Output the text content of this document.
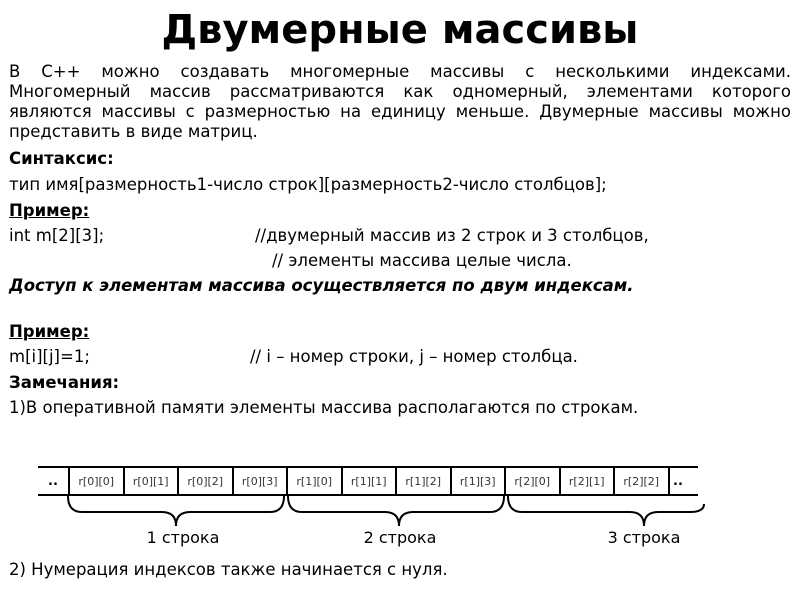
Двумерные массивы
В С++ можно создавать многомерные массивы с несколькими индексами. Многомерный массив рассматриваются как одномерный, элементами которого являются массивы с размерностью на единицу меньше. Двумерные массивы можно представить в виде матриц.
Синтаксис:
тип имя[размерность1-число строк][размерность2-число столбцов];
Пример:
int m[2][3];	//двумерный массив из 2 строк и 3 столбцов,
// элементы массива целые числа.
Доступ к элементам массива осуществляется по двум индексам.
Пример:
m[i][j]=1;	// i – номер строки, j – номер столбца.
Замечания:
1)В оперативной памяти элементы массива располагаются по строкам.
..	r[0][0]	r[0][1]	r[0][2]	r[0][3]	r[1][0]	r[1][1]	r[1][2]	r[1][3]	r[2][0]	r[2][1]	r[2][2]	..
1 строка	2 строка	3 строка
2) Нумерация индексов также начинается с нуля.
